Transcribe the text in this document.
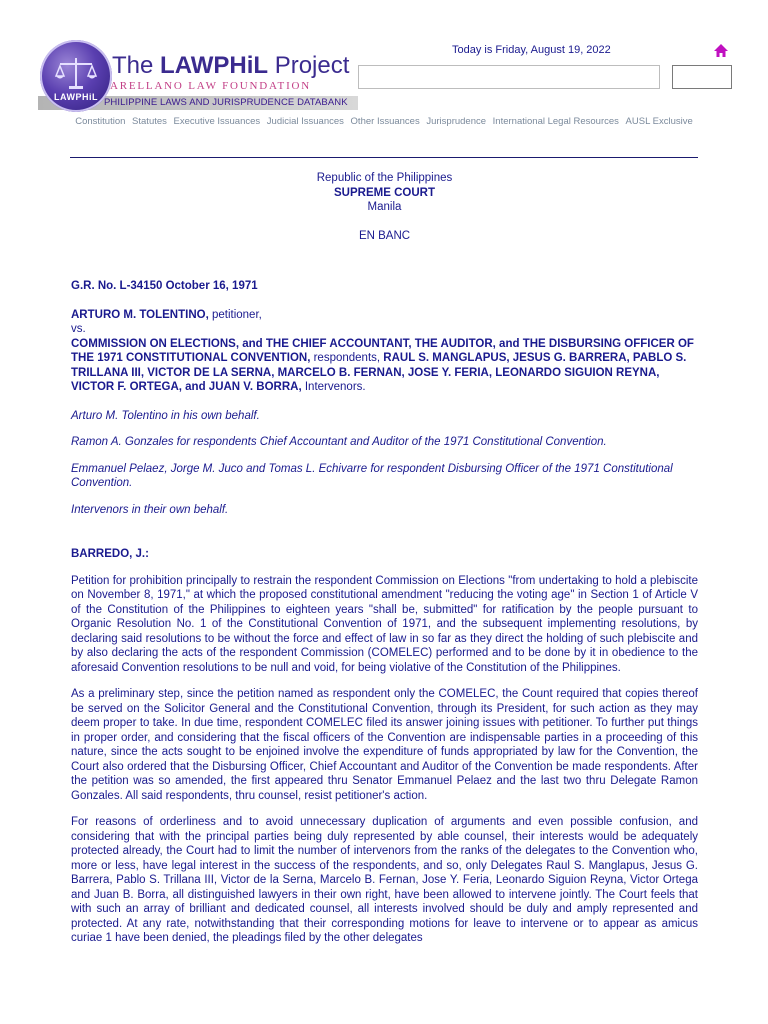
LAWPHiL
The LAWPHiL Project
ARELLANO LAW FOUNDATION
PHILIPPINE LAWS AND JURISPRUDENCE DATABANK
Today is Friday, August 19, 2022
Constitution Statutes Executive Issuances Judicial Issuances Other Issuances Jurisprudence International Legal Resources AUSL Exclusive
Republic of the Philippines
SUPREME COURT
Manila
EN BANC
G.R. No. L-34150 October 16, 1971
ARTURO M. TOLENTINO, petitioner,
vs.
COMMISSION ON ELECTIONS, and THE CHIEF ACCOUNTANT, THE AUDITOR, and THE DISBURSING OFFICER OF THE 1971 CONSTITUTIONAL CONVENTION, respondents, RAUL S. MANGLAPUS, JESUS G. BARRERA, PABLO S. TRILLANA III, VICTOR DE LA SERNA, MARCELO B. FERNAN, JOSE Y. FERIA, LEONARDO SIGUION REYNA, VICTOR F. ORTEGA, and JUAN V. BORRA, Intervenors.
Arturo M. Tolentino in his own behalf.
Ramon A. Gonzales for respondents Chief Accountant and Auditor of the 1971 Constitutional Convention.
Emmanuel Pelaez, Jorge M. Juco and Tomas L. Echivarre for respondent Disbursing Officer of the 1971 Constitutional Convention.
Intervenors in their own behalf.
BARREDO, J.:
Petition for prohibition principally to restrain the respondent Commission on Elections "from undertaking to hold a plebiscite on November 8, 1971," at which the proposed constitutional amendment "reducing the voting age" in Section 1 of Article V of the Constitution of the Philippines to eighteen years "shall be, submitted" for ratification by the people pursuant to Organic Resolution No. 1 of the Constitutional Convention of 1971, and the subsequent implementing resolutions, by declaring said resolutions to be without the force and effect of law in so far as they direct the holding of such plebiscite and by also declaring the acts of the respondent Commission (COMELEC) performed and to be done by it in obedience to the aforesaid Convention resolutions to be null and void, for being violative of the Constitution of the Philippines.
As a preliminary step, since the petition named as respondent only the COMELEC, the Count required that copies thereof be served on the Solicitor General and the Constitutional Convention, through its President, for such action as they may deem proper to take. In due time, respondent COMELEC filed its answer joining issues with petitioner. To further put things in proper order, and considering that the fiscal officers of the Convention are indispensable parties in a proceeding of this nature, since the acts sought to be enjoined involve the expenditure of funds appropriated by law for the Convention, the Court also ordered that the Disbursing Officer, Chief Accountant and Auditor of the Convention be made respondents. After the petition was so amended, the first appeared thru Senator Emmanuel Pelaez and the last two thru Delegate Ramon Gonzales. All said respondents, thru counsel, resist petitioner's action.
For reasons of orderliness and to avoid unnecessary duplication of arguments and even possible confusion, and considering that with the principal parties being duly represented by able counsel, their interests would be adequately protected already, the Court had to limit the number of intervenors from the ranks of the delegates to the Convention who, more or less, have legal interest in the success of the respondents, and so, only Delegates Raul S. Manglapus, Jesus G. Barrera, Pablo S. Trillana III, Victor de la Serna, Marcelo B. Fernan, Jose Y. Feria, Leonardo Siguion Reyna, Victor Ortega and Juan B. Borra, all distinguished lawyers in their own right, have been allowed to intervene jointly. The Court feels that with such an array of brilliant and dedicated counsel, all interests involved should be duly and amply represented and protected. At any rate, notwithstanding that their corresponding motions for leave to intervene or to appear as amicus curiae 1 have been denied, the pleadings filed by the other delegates
